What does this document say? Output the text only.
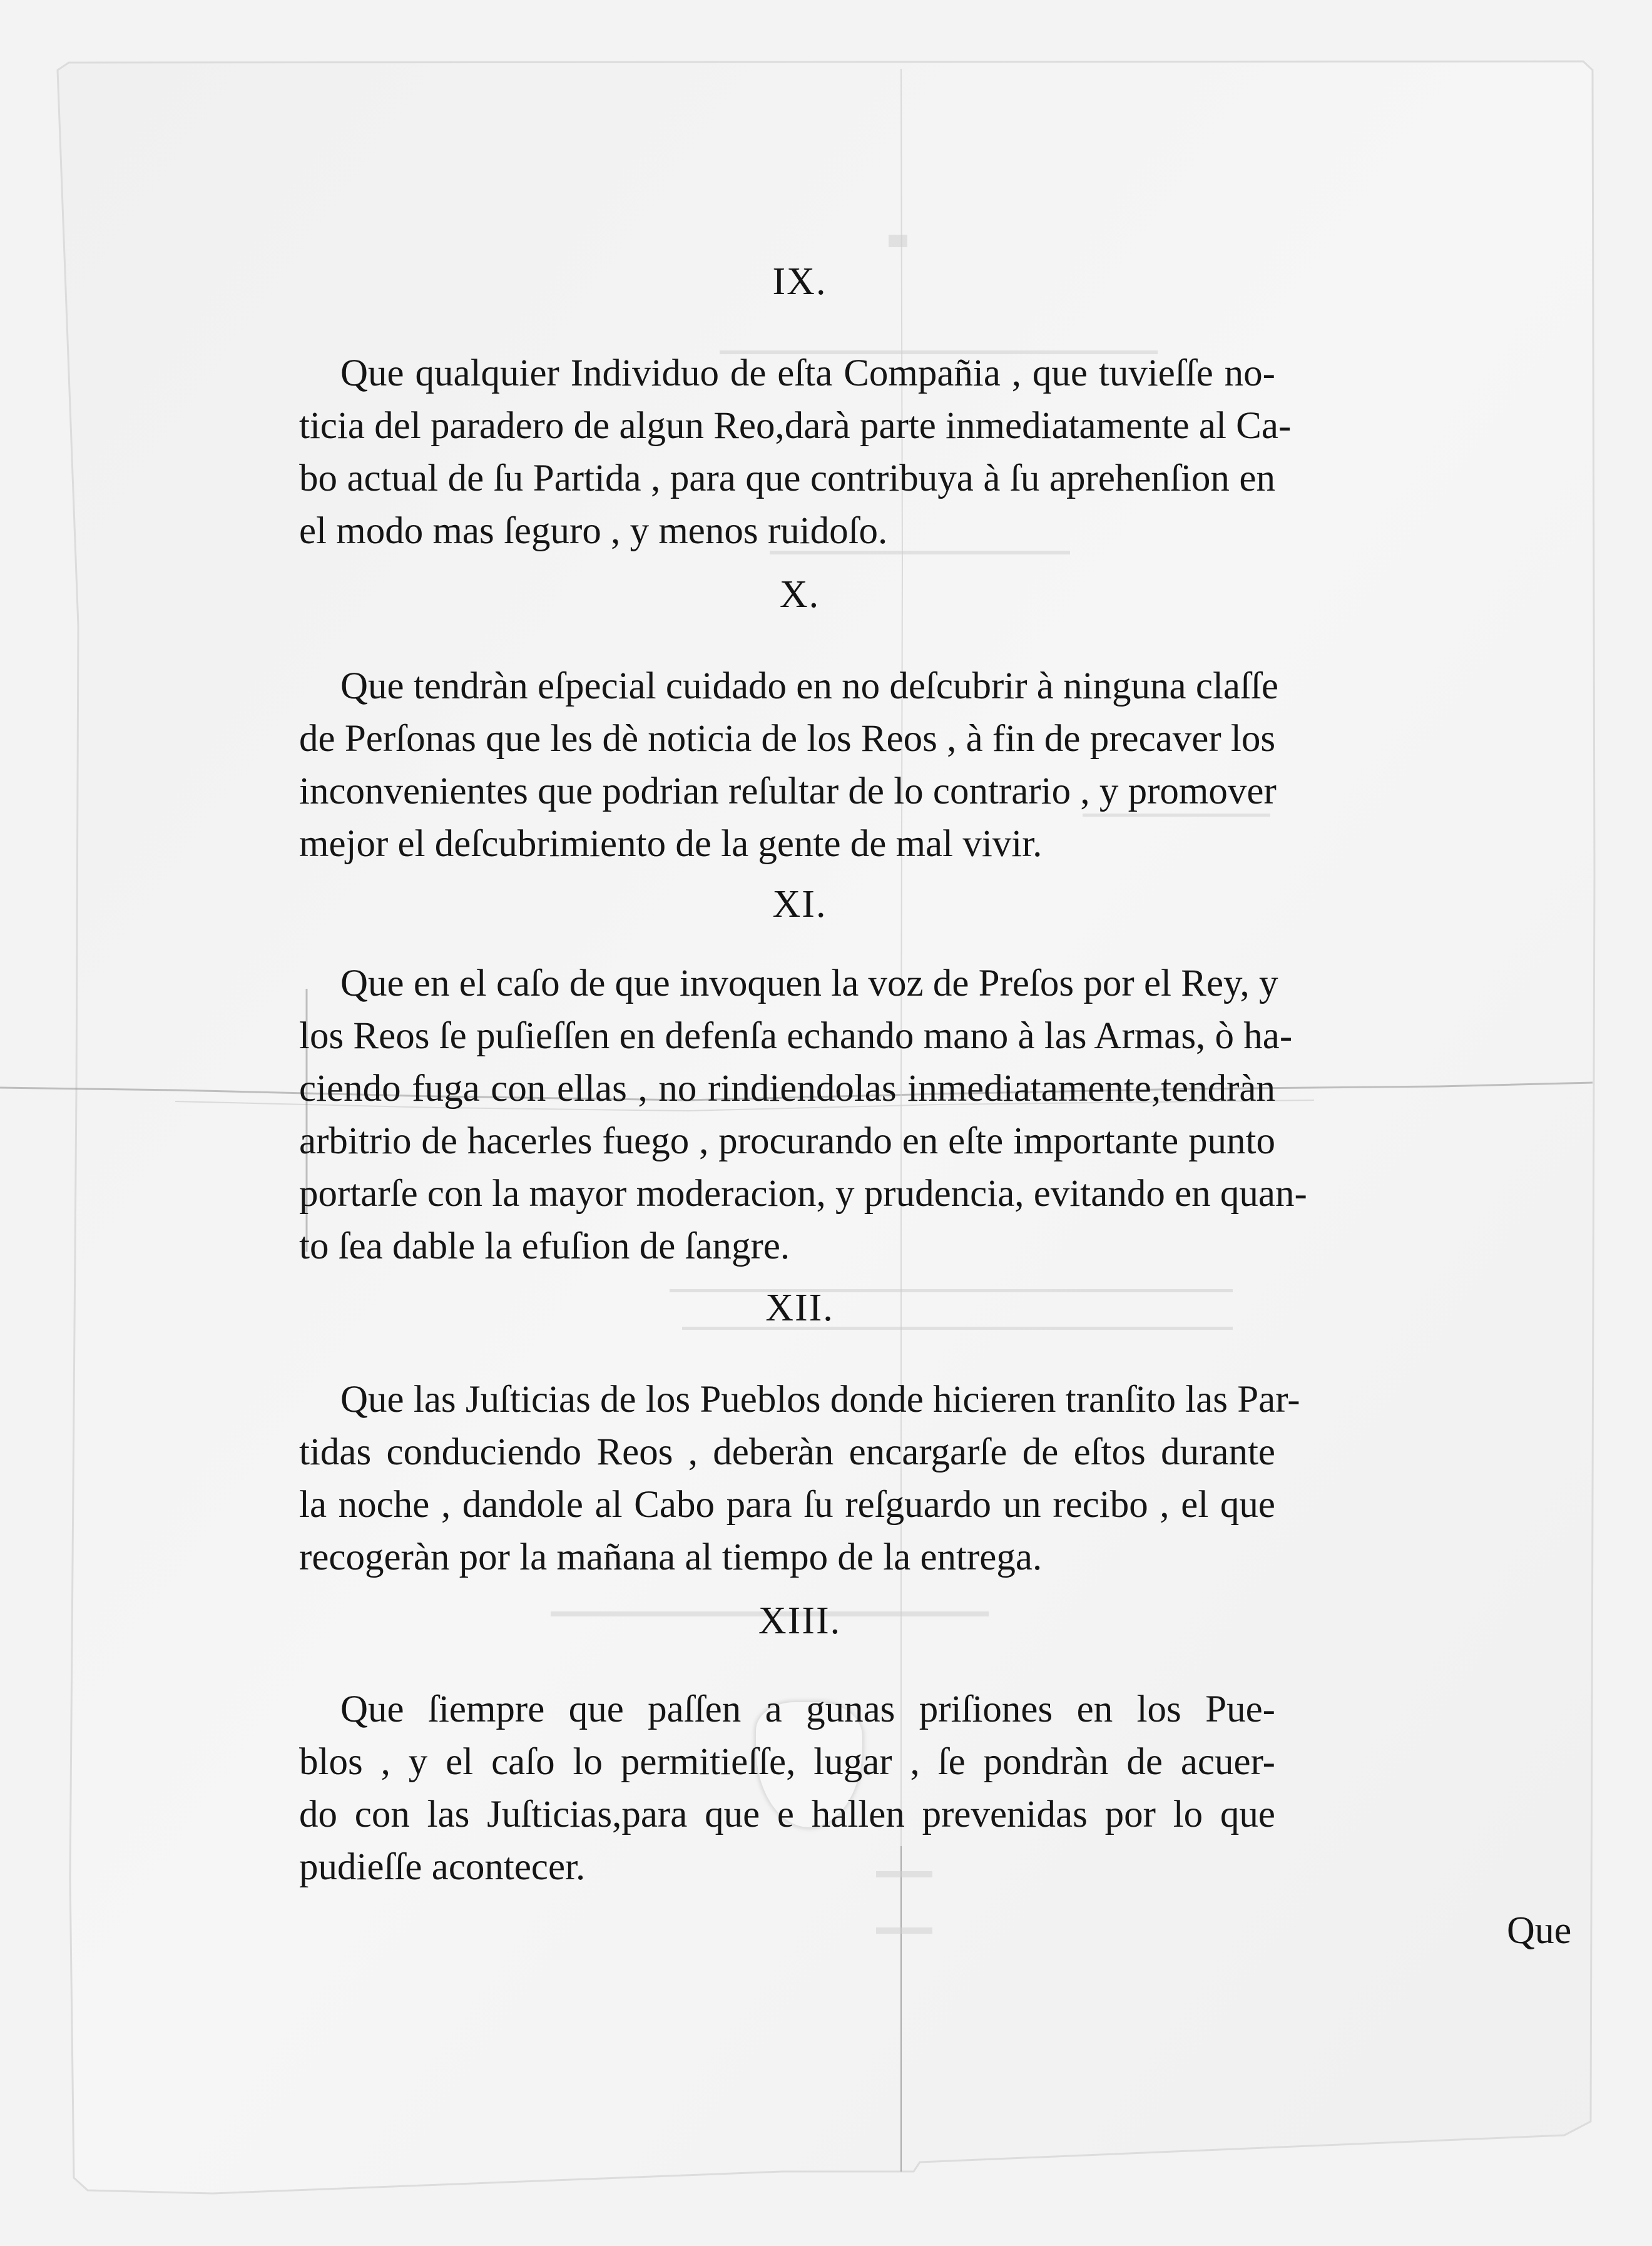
IX.
Que qualquier Individuo de eſta Compañia , que tuvieſſe no-
ticia del paradero de algun Reo,darà parte inmediatamente al Ca-
bo actual de ſu Partida , para que contribuya à ſu aprehenſion en
el modo mas ſeguro , y menos ruidoſo.
X.
Que tendràn eſpecial cuidado en no deſcubrir à ninguna claſſe
de Perſonas que les dè noticia de los Reos , à fin de precaver los
inconvenientes que podrian reſultar de lo contrario , y promover
mejor el deſcubrimiento de la gente de mal vivir.
XI.
Que en el caſo de que invoquen la voz de Preſos por el Rey, y
los Reos ſe puſieſſen en defenſa echando mano à las Armas, ò ha-
ciendo fuga con ellas , no rindiendolas inmediatamente,tendràn
arbitrio de hacerles fuego , procurando en eſte importante punto
portarſe con la mayor moderacion, y prudencia, evitando en quan-
to ſea dable la efuſion de ſangre.
XII.
Que las Juſticias de los Pueblos donde hicieren tranſito las Par-
tidas conduciendo Reos , deberàn encargarſe de eſtos durante
la noche , dandole al Cabo para ſu reſguardo un recibo , el que
recogeràn por la mañana al tiempo de la entrega.
XIII.
Que ſiempre que paſſen a gunas priſiones en los Pue-
blos , y el caſo lo permitieſſe, lugar , ſe pondràn de acuer-
do con las Juſticias,para que e hallen prevenidas por lo que
pudieſſe acontecer.
Que
